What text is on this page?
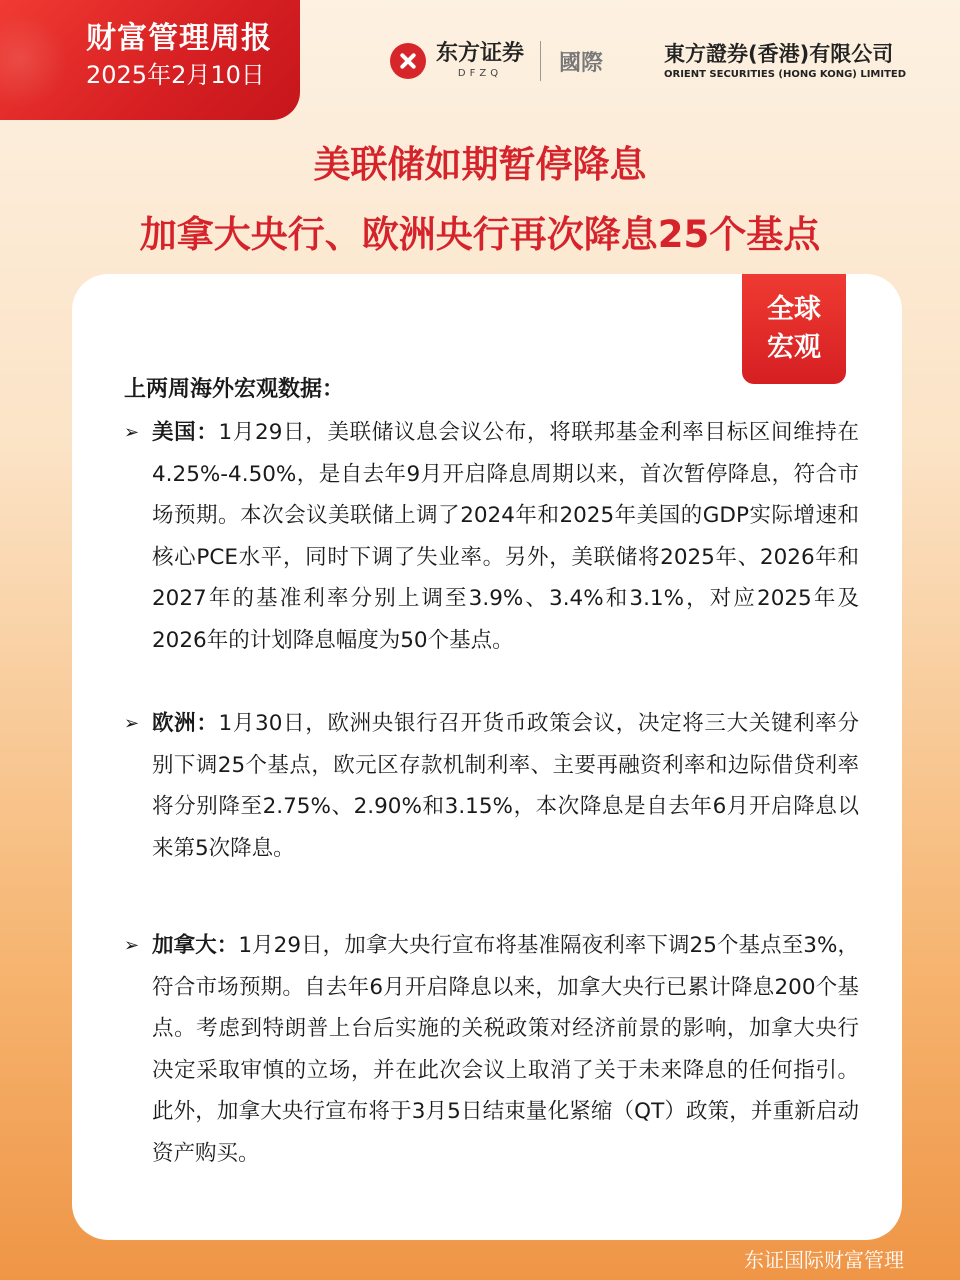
财富管理周报
2025年2月10日
东方证券
DFZQ	國際	東方證券(香港)有限公司
ORIENT SECURITIES (HONG KONG) LIMITED
美联储如期暂停降息
加拿大央行、欧洲央行再次降息25个基点
全球
宏观
上两周海外宏观数据：
➢ 美国：1月29日，美联储议息会议公布，将联邦基金利率目标区间维持在4.25%-4.50%，是自去年9月开启降息周期以来，首次暂停降息，符合市场预期。本次会议美联储上调了2024年和2025年美国的GDP实际增速和核心PCE水平，同时下调了失业率。另外，美联储将2025年、2026年和2027年的基准利率分别上调至3.9%、3.4%和3.1%，对应2025年及2026年的计划降息幅度为50个基点。
➢ 欧洲：1月30日，欧洲央银行召开货币政策会议，决定将三大关键利率分别下调25个基点，欧元区存款机制利率、主要再融资利率和边际借贷利率将分别降至2.75%、2.90%和3.15%，本次降息是自去年6月开启降息以来第5次降息。
➢ 加拿大：1月29日，加拿大央行宣布将基准隔夜利率下调25个基点至3%，符合市场预期。自去年6月开启降息以来，加拿大央行已累计降息200个基点。考虑到特朗普上台后实施的关税政策对经济前景的影响，加拿大央行决定采取审慎的立场，并在此次会议上取消了关于未来降息的任何指引。此外，加拿大央行宣布将于3月5日结束量化紧缩（QT）政策，并重新启动资产购买。
东证国际财富管理
